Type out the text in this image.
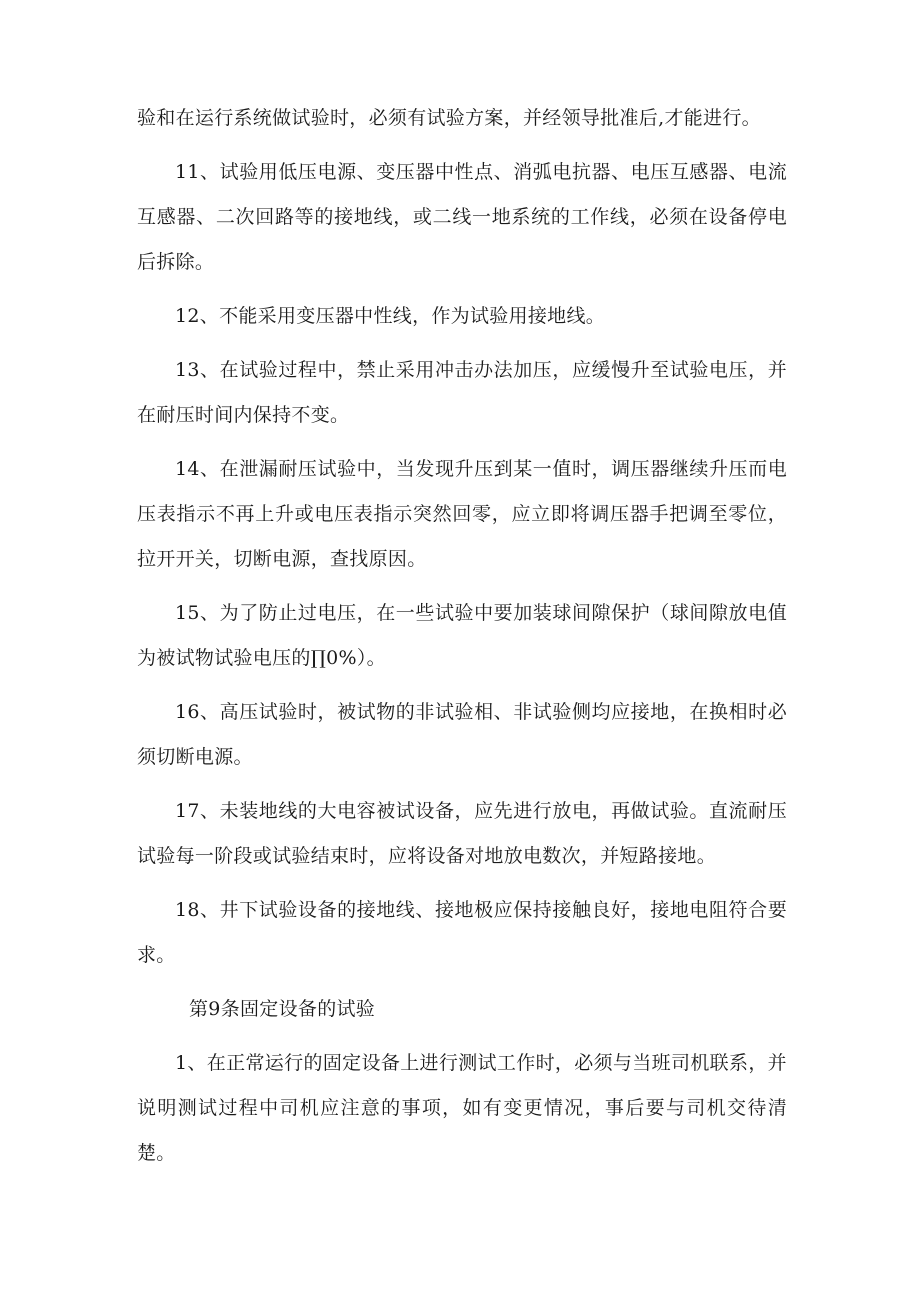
验和在运行系统做试验时，必须有试验方案，并经领导批准后,才能进行。

11、试验用低压电源、变压器中性点、消弧电抗器、电压互感器、电流互感器、二次回路等的接地线，或二线一地系统的工作线，必须在设备停电后拆除。

12、不能采用变压器中性线，作为试验用接地线。

13、在试验过程中，禁止采用冲击办法加压，应缓慢升至试验电压，并在耐压时间内保持不变。

14、在泄漏耐压试验中，当发现升压到某一值时，调压器继续升压而电压表指示不再上升或电压表指示突然回零，应立即将调压器手把调至零位，拉开开关，切断电源，查找原因。

15、为了防止过电压，在一些试验中要加装球间隙保护（球间隙放电值为被试物试验电压的∏0%）。

16、高压试验时，被试物的非试验相、非试验侧均应接地，在换相时必须切断电源。

17、未装地线的大电容被试设备，应先进行放电，再做试验。直流耐压试验每一阶段或试验结束时，应将设备对地放电数次，并短路接地。

18、井下试验设备的接地线、接地极应保持接触良好，接地电阻符合要求。

第9条固定设备的试验

1、在正常运行的固定设备上进行测试工作时，必须与当班司机联系，并说明测试过程中司机应注意的事项，如有变更情况，事后要与司机交待清楚。
